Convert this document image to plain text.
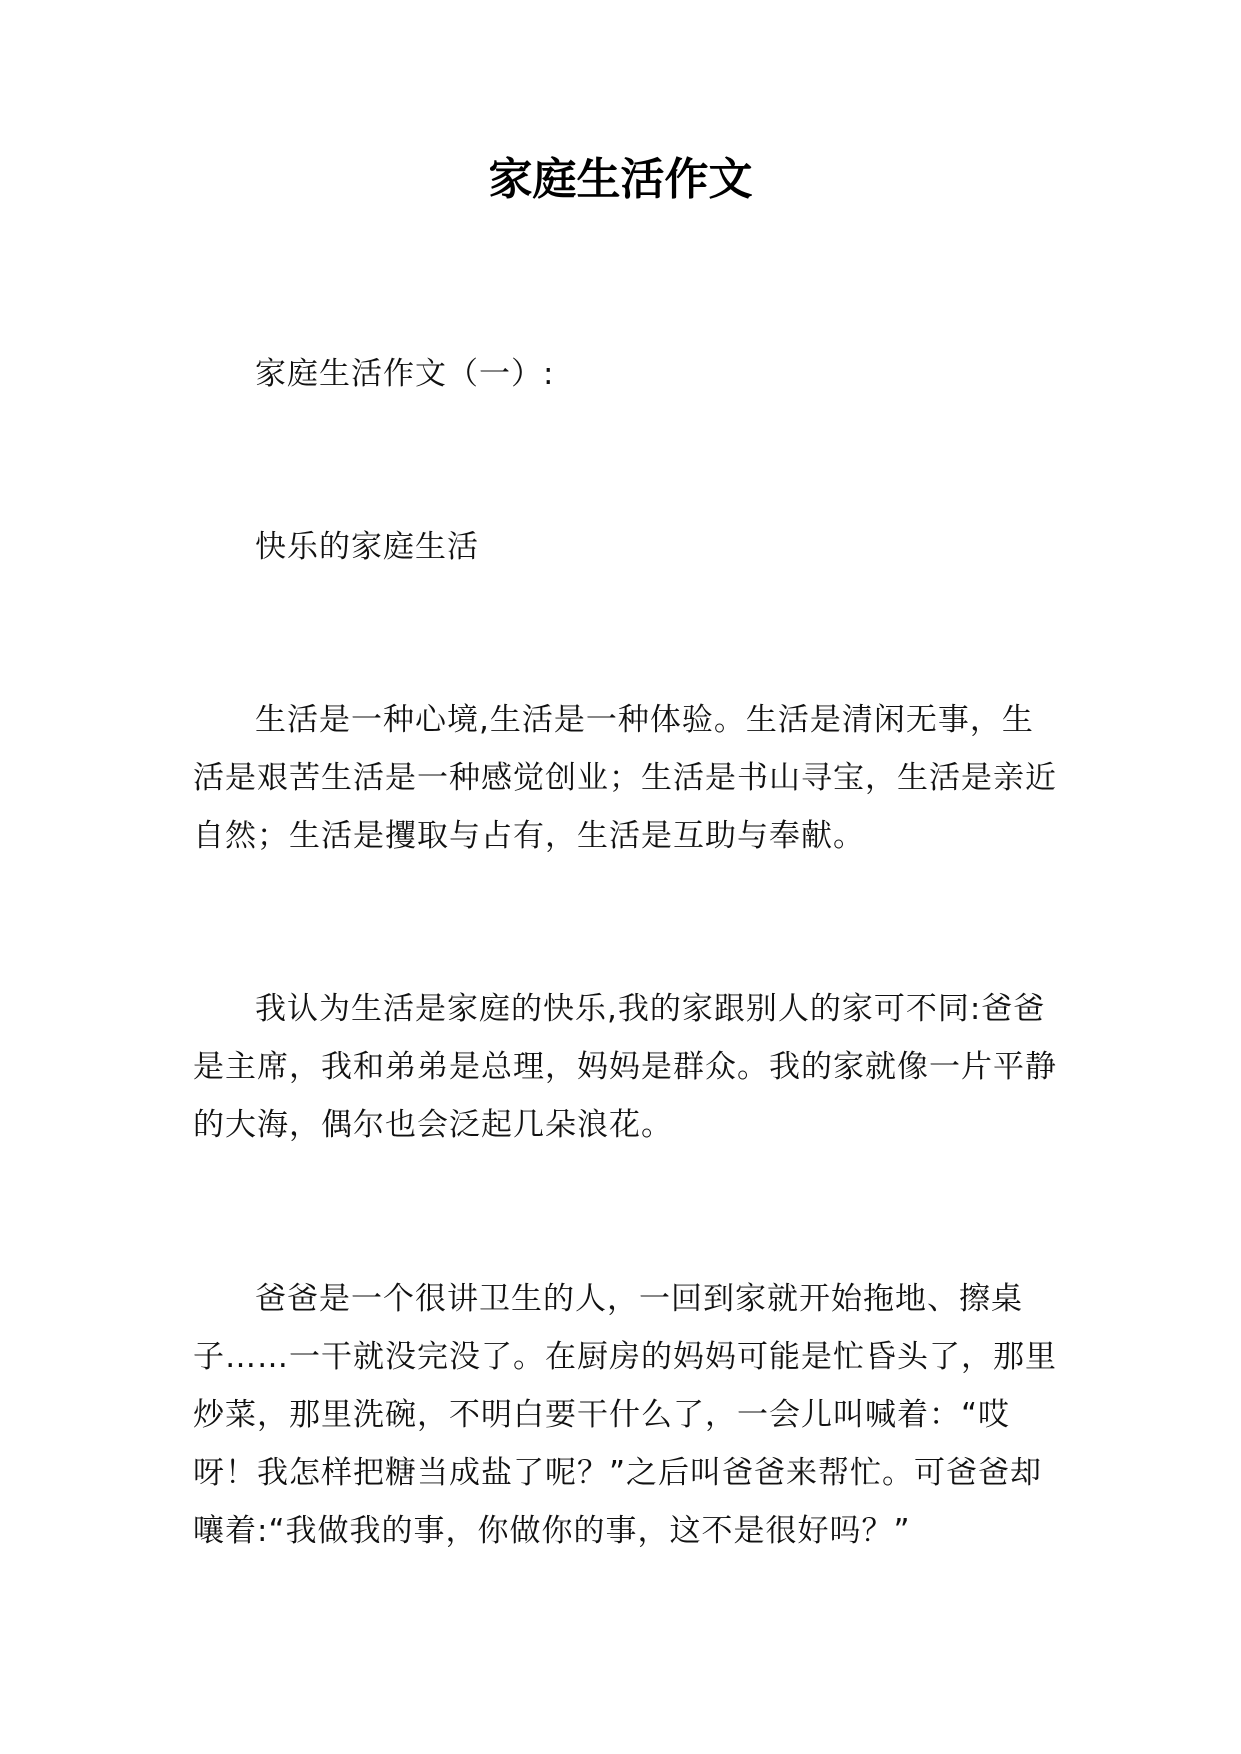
家庭生活作文

家庭生活作文（一）:

快乐的家庭生活

生活是一种心境,生活是一种体验。生活是清闲无事，生活是艰苦生活是一种感觉创业；生活是书山寻宝，生活是亲近自然；生活是攫取与占有，生活是互助与奉献。

我认为生活是家庭的快乐,我的家跟别人的家可不同:爸爸是主席，我和弟弟是总理，妈妈是群众。我的家就像一片平静的大海，偶尔也会泛起几朵浪花。

爸爸是一个很讲卫生的人，一回到家就开始拖地、擦桌子……一干就没完没了。在厨房的妈妈可能是忙昏头了，那里炒菜，那里洗碗，不明白要干什么了，一会儿叫喊着：“哎呀！我怎样把糖当成盐了呢？”之后叫爸爸来帮忙。可爸爸却嚷着:“我做我的事，你做你的事，这不是很好吗？”
